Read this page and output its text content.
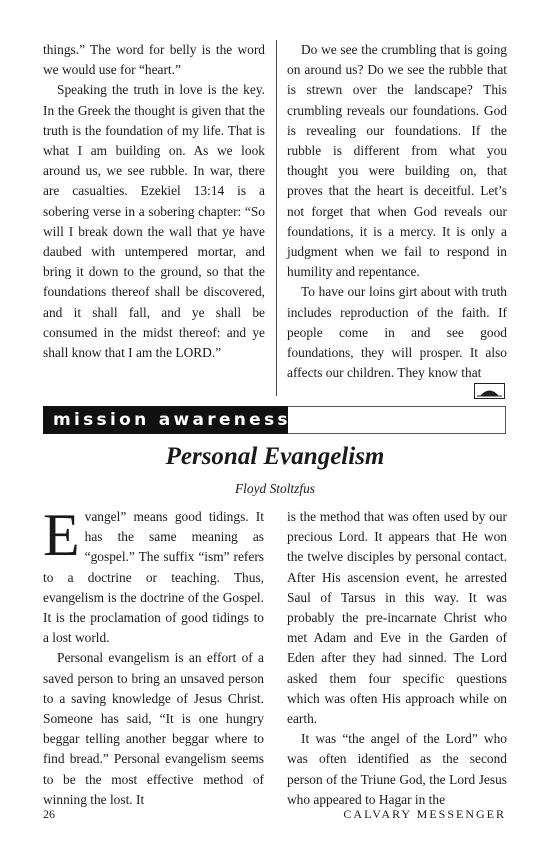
things.” The word for belly is the word we would use for “heart.”

Speaking the truth in love is the key. In the Greek the thought is given that the truth is the foundation of my life. That is what I am building on. As we look around us, we see rubble. In war, there are casualties. Ezekiel 13:14 is a sobering verse in a sobering chapter: “So will I break down the wall that ye have daubed with untempered mortar, and bring it down to the ground, so that the foundations thereof shall be discovered, and it shall fall, and ye shall be consumed in the midst thereof: and ye shall know that I am the LORD.”

Do we see the crumbling that is going on around us? Do we see the rubble that is strewn over the landscape? This crumbling reveals our foundations. God is revealing our foundations. If the rubble is different from what you thought you were building on, that proves that the heart is deceitful. Let’s not forget that when God reveals our foundations, it is a mercy. It is only a judgment when we fail to respond in humility and repentance.

To have our loins girt about with truth includes reproduction of the faith. If people come in and see good foundations, they will prosper. It also affects our children. They know that

mission awareness
Personal Evangelism
Floyd Stoltzfus

Evangel” means good tidings. It has the same meaning as “gospel.” The suffix “ism” refers to a doctrine or teaching. Thus, evangelism is the doctrine of the Gospel. It is the proclamation of good tidings to a lost world.

Personal evangelism is an effort of a saved person to bring an unsaved person to a saving knowledge of Jesus Christ. Someone has said, “It is one hungry beggar telling another beggar where to find bread.” Personal evangelism seems to be the most effective method of winning the lost. It

is the method that was often used by our precious Lord. It appears that He won the twelve disciples by personal contact. After His ascension event, he arrested Saul of Tarsus in this way. It was probably the pre-incarnate Christ who met Adam and Eve in the Garden of Eden after they had sinned. The Lord asked them four specific questions which was often His approach while on earth.

It was “the angel of the Lord” who was often identified as the second person of the Triune God, the Lord Jesus who appeared to Hagar in the

26	CALVARY MESSENGER
